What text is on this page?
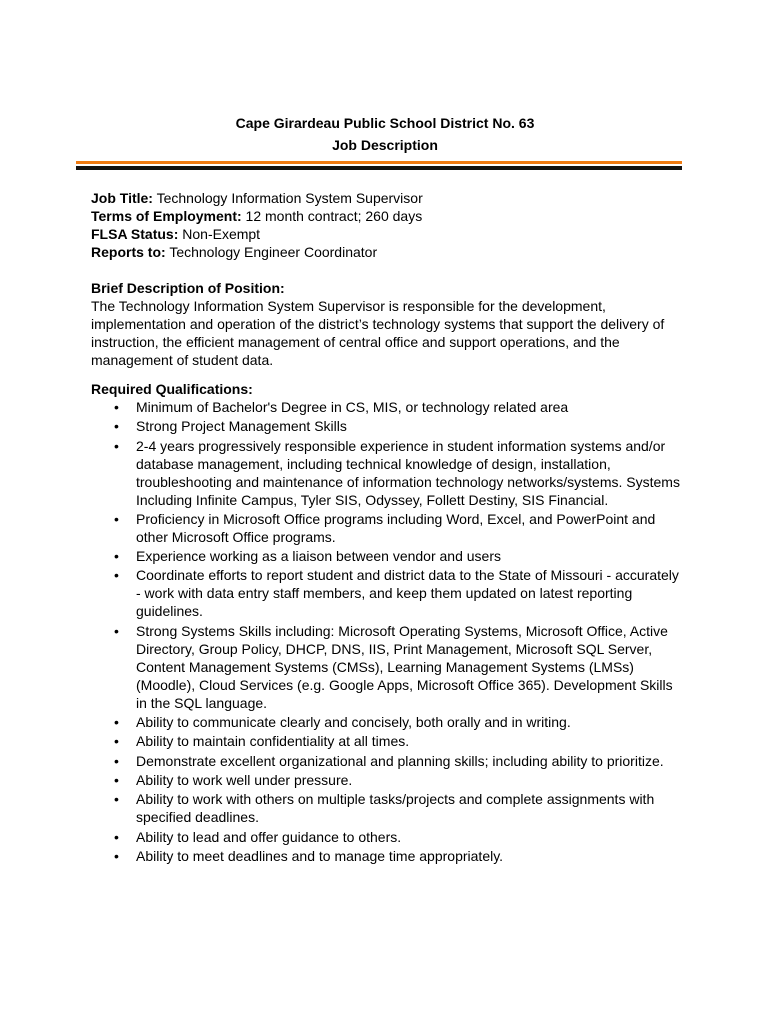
Cape Girardeau Public School District No. 63
Job Description
Job Title: Technology Information System Supervisor
Terms of Employment: 12 month contract; 260 days
FLSA Status: Non-Exempt
Reports to: Technology Engineer Coordinator
Brief Description of Position:
The Technology Information System Supervisor is responsible for the development, implementation and operation of the district’s technology systems that support the delivery of instruction, the efficient management of central office and support operations, and the management of student data.
Required Qualifications:
• Minimum of Bachelor's Degree in CS, MIS, or technology related area
• Strong Project Management Skills
• 2-4 years progressively responsible experience in student information systems and/or database management, including technical knowledge of design, installation, troubleshooting and maintenance of information technology networks/systems. Systems Including Infinite Campus, Tyler SIS, Odyssey, Follett Destiny, SIS Financial.
• Proficiency in Microsoft Office programs including Word, Excel, and PowerPoint and other Microsoft Office programs.
• Experience working as a liaison between vendor and users
• Coordinate efforts to report student and district data to the State of Missouri - accurately - work with data entry staff members, and keep them updated on latest reporting guidelines.
• Strong Systems Skills including: Microsoft Operating Systems, Microsoft Office, Active Directory, Group Policy, DHCP, DNS, IIS, Print Management, Microsoft SQL Server, Content Management Systems (CMSs), Learning Management Systems (LMSs) (Moodle), Cloud Services (e.g. Google Apps, Microsoft Office 365). Development Skills in the SQL language.
• Ability to communicate clearly and concisely, both orally and in writing.
• Ability to maintain confidentiality at all times.
• Demonstrate excellent organizational and planning skills; including ability to prioritize.
• Ability to work well under pressure.
• Ability to work with others on multiple tasks/projects and complete assignments with specified deadlines.
• Ability to lead and offer guidance to others.
• Ability to meet deadlines and to manage time appropriately.
